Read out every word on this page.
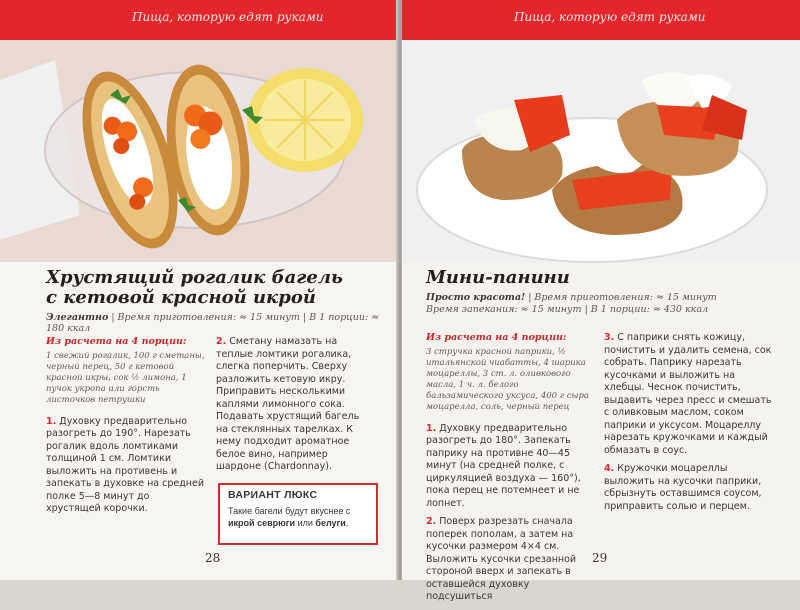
Пища, которую едят руками
Хрустящий рогалик багель
с кетовой красной икрой
Элегантно | Время приготовления: ≈ 15 минут | В 1 порции: ≈ 180 ккал

Из расчета на 4 порции:

1 свежий рогалик, 100 г сметаны, черный перец, 50 г кетовой красной икры, сок ½ лимона, 1 пучок укропа или горсть листочков петрушки

1. Духовку предварительно разогреть до 190°. Нарезать рогалик вдоль ломтиками толщиной 1 см. Ломтики выложить на противень и запекать в духовке на средней полке 5—8 минут до хрустящей корочки.

2. Сметану намазать на теплые ломтики рогалика, слегка поперчить. Сверху разложить кетовую икру. Приправить несколькими каплями лимонного сока. Подавать хрустящий багель на стеклянных тарелках. К нему подходит ароматное белое вино, например шардоне (Chardonnay).

ВАРИАНТ ЛЮКС
Такие багели будут вкуснее с икрой севрюги или белуги.
28
Пища, которую едят руками
Мини-панини
Просто красота! | Время приготовления: ≈ 15 минут
Время запекания: ≈ 15 минут | В 1 порции: ≈ 430 ккал

Из расчета на 4 порции:

3 стручка красной паприки, ½ итальянской чиабатты, 4 шарика моцареллы, 3 ст. л. оливкового масла, 1 ч. л. белого бальзамического уксуса, 400 г сыра моцарелла, соль, черный перец

1. Духовку предварительно разогреть до 180°. Запекать паприку на противне 40—45 минут (на средней полке, с циркуляцией воздуха — 160°), пока перец не потемнеет и не лопнет.

2. Поверх разрезать сначала поперек пополам, а затем на кусочки размером 4×4 см. Выложить кусочки срезанной стороной вверх и запекать в оставшейся духовку подсушиться

3. С паприки снять кожицу, почистить и удалить семена, сок собрать. Паприку нарезать кусочками и выложить на хлебцы. Чеснок почистить, выдавить через пресс и смешать с оливковым маслом, соком паприки и уксусом. Моцареллу нарезать кружочками и каждый обмазать в соус.

4. Кружочки моцареллы выложить на кусочки паприки, сбрызнуть оставшимся соусом, приправить солью и перцем.

29
